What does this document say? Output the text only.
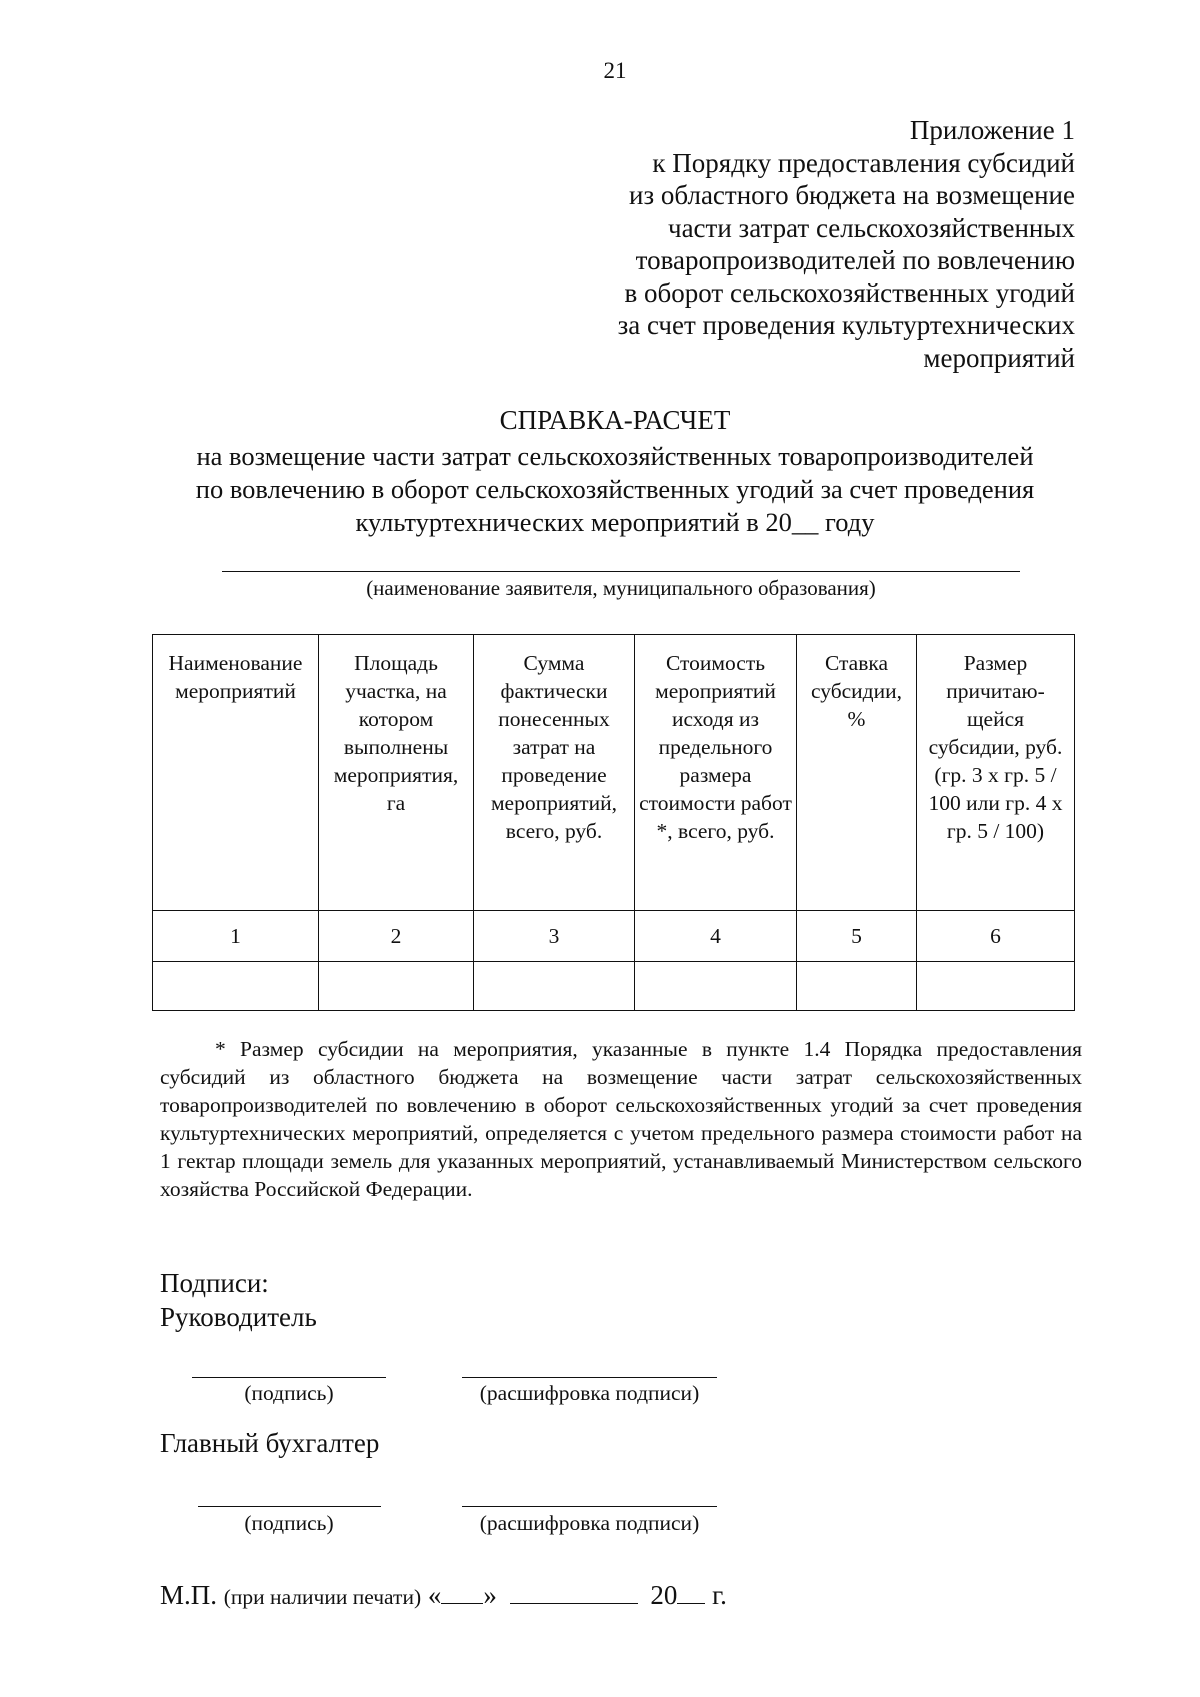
21
Приложение 1
к Порядку предоставления субсидий
из областного бюджета на возмещение
части затрат сельскохозяйственных
товаропроизводителей по вовлечению
в оборот сельскохозяйственных угодий
за счет проведения культуртехнических
мероприятий
СПРАВКА-РАСЧЕТ
на возмещение части затрат сельскохозяйственных товаропроизводителей
по вовлечению в оборот сельскохозяйственных угодий за счет проведения
культуртехнических мероприятий в 20__ году
(наименование заявителя, муниципального образования)
Наименование мероприятий	Площадь участка, на котором выполнены мероприятия, га	Сумма фактически понесенных затрат на проведение мероприятий, всего, руб.	Стоимость мероприятий исходя из предельного размера стоимости работ *, всего, руб.	Ставка субсидии, %	Размер причитаю-щейся субсидии, руб. (гр. 3 х гр. 5 / 100 или гр. 4 х гр. 5 / 100)
1	2	3	4	5	6

* Размер субсидии на мероприятия, указанные в пункте 1.4 Порядка предоставления субсидий из областного бюджета на возмещение части затрат сельскохозяйственных товаропроизводителей по вовлечению в оборот сельскохозяйственных угодий за счет проведения культуртехнических мероприятий, определяется с учетом предельного размера стоимости работ на 1 гектар площади земель для указанных мероприятий, устанавливаемый Министерством сельского хозяйства Российской Федерации.

Подписи:
Руководитель
(подпись)	(расшифровка подписи)
Главный бухгалтер
(подпись)	(расшифровка подписи)
М.П. (при наличии печати) « »	20 г.
